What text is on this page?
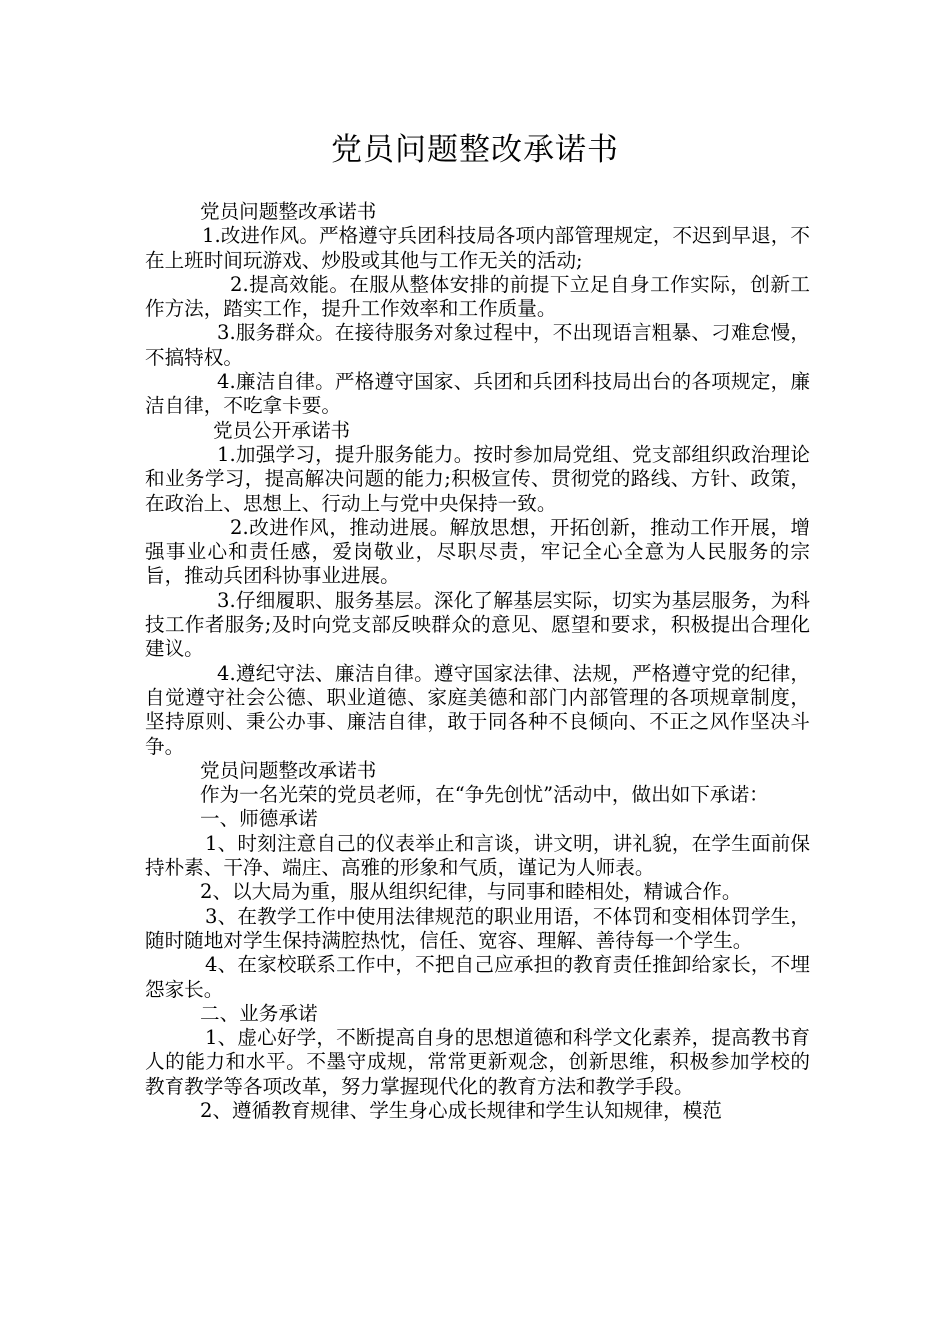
党员问题整改承诺书

党员问题整改承诺书

1.改进作风。严格遵守兵团科技局各项内部管理规定，不迟到早退，不在上班时间玩游戏、炒股或其他与工作无关的活动;

2.提高效能。在服从整体安排的前提下立足自身工作实际，创新工作方法，踏实工作，提升工作效率和工作质量。

3.服务群众。在接待服务对象过程中，不出现语言粗暴、刁难怠慢，不搞特权。

4.廉洁自律。严格遵守国家、兵团和兵团科技局出台的各项规定，廉洁自律，不吃拿卡要。

党员公开承诺书

1.加强学习，提升服务能力。按时参加局党组、党支部组织政治理论和业务学习，提高解决问题的能力;积极宣传、贯彻党的路线、方针、政策，在政治上、思想上、行动上与党中央保持一致。

2.改进作风，推动进展。解放思想，开拓创新，推动工作开展，增强事业心和责任感，爱岗敬业，尽职尽责，牢记全心全意为人民服务的宗旨，推动兵团科协事业进展。

3.仔细履职、服务基层。深化了解基层实际，切实为基层服务，为科技工作者服务;及时向党支部反映群众的意见、愿望和要求，积极提出合理化建议。

4.遵纪守法、廉洁自律。遵守国家法律、法规，严格遵守党的纪律，自觉遵守社会公德、职业道德、家庭美德和部门内部管理的各项规章制度，坚持原则、秉公办事、廉洁自律，敢于同各种不良倾向、不正之风作坚决斗争。

党员问题整改承诺书

作为一名光荣的党员老师，在“争先创忧”活动中，做出如下承诺：

一、师德承诺

1、时刻注意自己的仪表举止和言谈，讲文明，讲礼貌，在学生面前保持朴素、干净、端庄、高雅的形象和气质，谨记为人师表。

2、以大局为重，服从组织纪律，与同事和睦相处，精诚合作。

3、在教学工作中使用法律规范的职业用语，不体罚和变相体罚学生，随时随地对学生保持满腔热忱，信任、宽容、理解、善待每一个学生。

4、在家校联系工作中，不把自己应承担的教育责任推卸给家长，不埋怨家长。

二、业务承诺

1、虚心好学，不断提高自身的思想道德和科学文化素养，提高教书育人的能力和水平。不墨守成规，常常更新观念，创新思维，积极参加学校的教育教学等各项改革，努力掌握现代化的教育方法和教学手段。

2、遵循教育规律、学生身心成长规律和学生认知规律，模范
